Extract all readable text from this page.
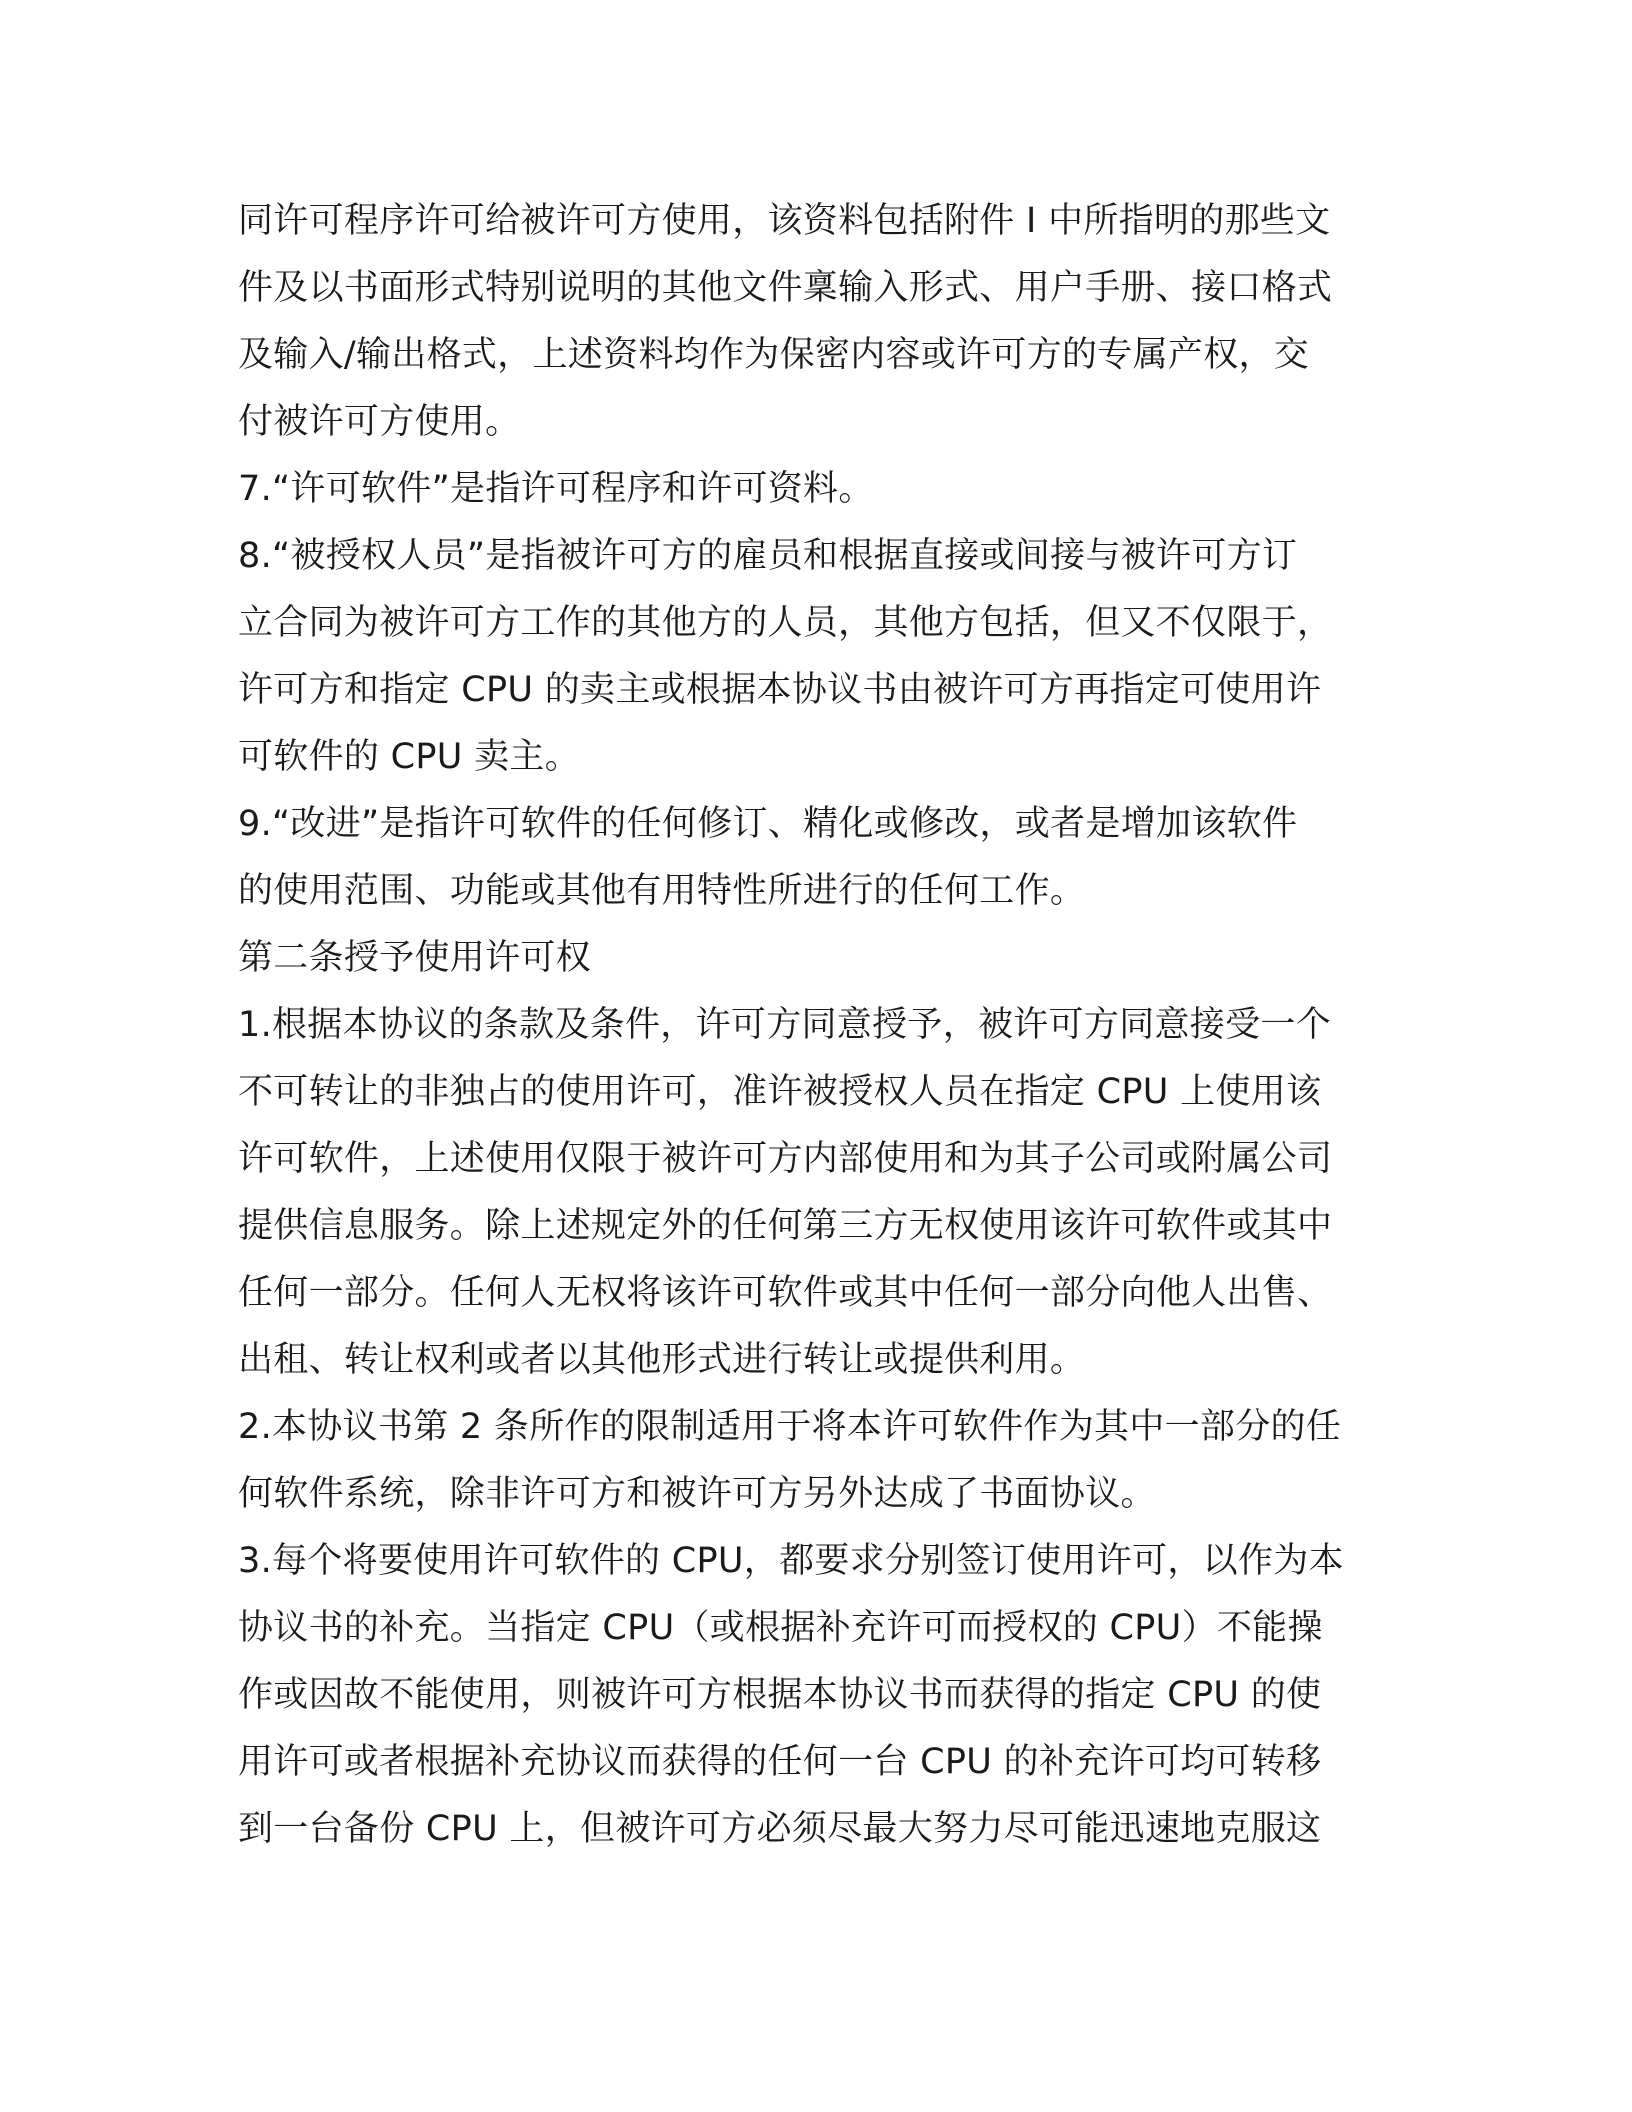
同许可程序许可给被许可方使用，该资料包括附件 I 中所指明的那些文
件及以书面形式特别说明的其他文件稟输入形式、用户手册、接口格式
及输入/输出格式，上述资料均作为保密内容或许可方的专属产权，交
付被许可方使用。
7.“许可软件”是指许可程序和许可资料。
8.“被授权人员”是指被许可方的雇员和根据直接或间接与被许可方订
立合同为被许可方工作的其他方的人员，其他方包括，但又不仅限于，
许可方和指定 CPU 的卖主或根据本协议书由被许可方再指定可使用许
可软件的 CPU 卖主。
9.“改进”是指许可软件的任何修订、精化或修改，或者是增加该软件
的使用范围、功能或其他有用特性所进行的任何工作。
第二条授予使用许可权
1.根据本协议的条款及条件，许可方同意授予，被许可方同意接受一个
不可转让的非独占的使用许可，准许被授权人员在指定 CPU 上使用该
许可软件，上述使用仅限于被许可方内部使用和为其子公司或附属公司
提供信息服务。除上述规定外的任何第三方无权使用该许可软件或其中
任何一部分。任何人无权将该许可软件或其中任何一部分向他人出售、
出租、转让权利或者以其他形式进行转让或提供利用。
2.本协议书第 2 条所作的限制适用于将本许可软件作为其中一部分的任
何软件系统，除非许可方和被许可方另外达成了书面协议。
3.每个将要使用许可软件的 CPU，都要求分别签订使用许可，以作为本
协议书的补充。当指定 CPU（或根据补充许可而授权的 CPU）不能操
作或因故不能使用，则被许可方根据本协议书而获得的指定 CPU 的使
用许可或者根据补充协议而获得的任何一台 CPU 的补充许可均可转移
到一台备份 CPU 上，但被许可方必须尽最大努力尽可能迅速地克服这
